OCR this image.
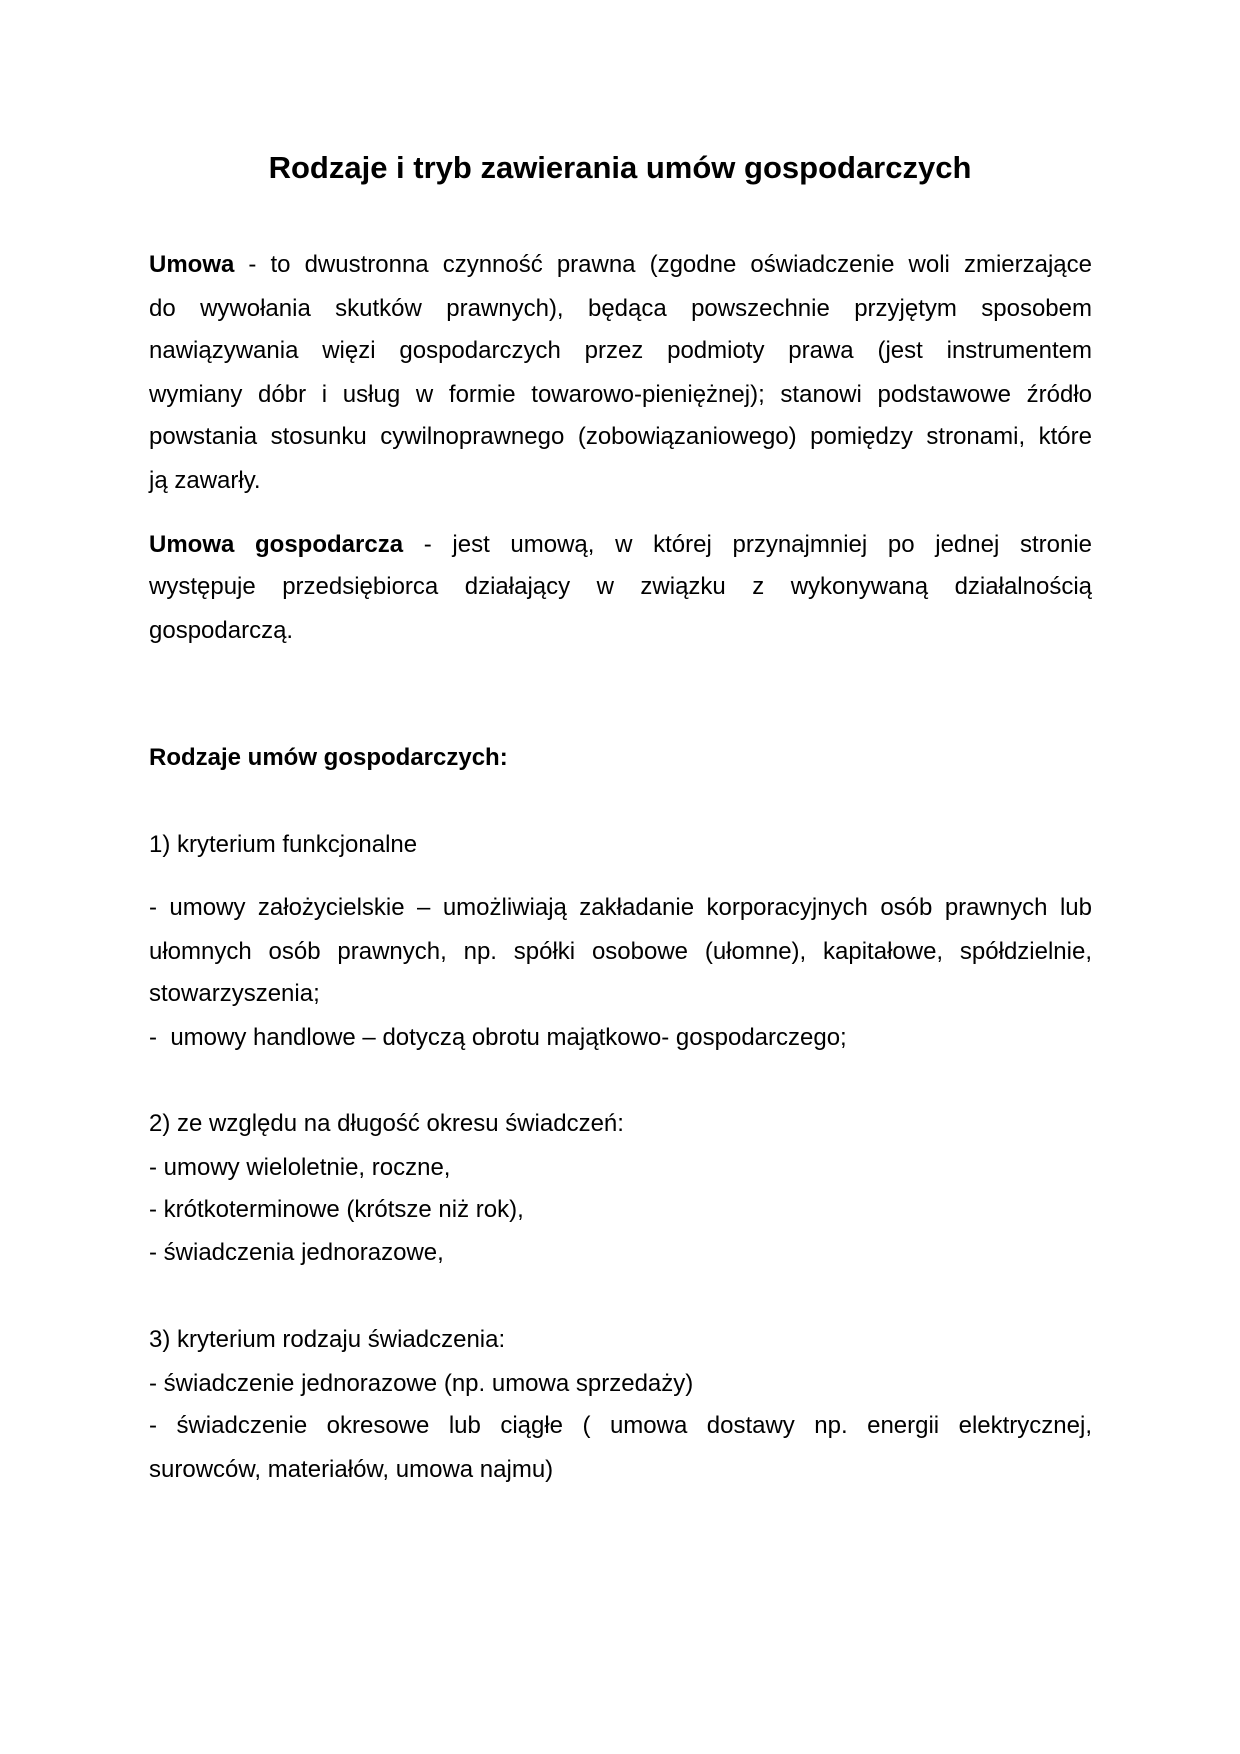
Rodzaje i tryb zawierania umów gospodarczych
Umowa - to dwustronna czynność prawna (zgodne oświadczenie woli zmierzające
do wywołania skutków prawnych), będąca powszechnie przyjętym sposobem
nawiązywania więzi gospodarczych przez podmioty prawa (jest instrumentem
wymiany dóbr i usług w formie towarowo-pieniężnej); stanowi podstawowe źródło
powstania stosunku cywilnoprawnego (zobowiązaniowego) pomiędzy stronami, które
ją zawarły.
Umowa gospodarcza - jest umową, w której przynajmniej po jednej stronie
występuje przedsiębiorca działający w związku z wykonywaną działalnością
gospodarczą.
Rodzaje umów gospodarczych:
1) kryterium funkcjonalne
- umowy założycielskie – umożliwiają zakładanie korporacyjnych osób prawnych lub
ułomnych osób prawnych, np. spółki osobowe (ułomne), kapitałowe, spółdzielnie,
stowarzyszenia;
-  umowy handlowe – dotyczą obrotu majątkowo- gospodarczego;
2) ze względu na długość okresu świadczeń:
- umowy wieloletnie, roczne,
- krótkoterminowe (krótsze niż rok),
- świadczenia jednorazowe,
3) kryterium rodzaju świadczenia:
- świadczenie jednorazowe (np. umowa sprzedaży)
- świadczenie okresowe lub ciągłe ( umowa dostawy np. energii elektrycznej,
surowców, materiałów, umowa najmu)
